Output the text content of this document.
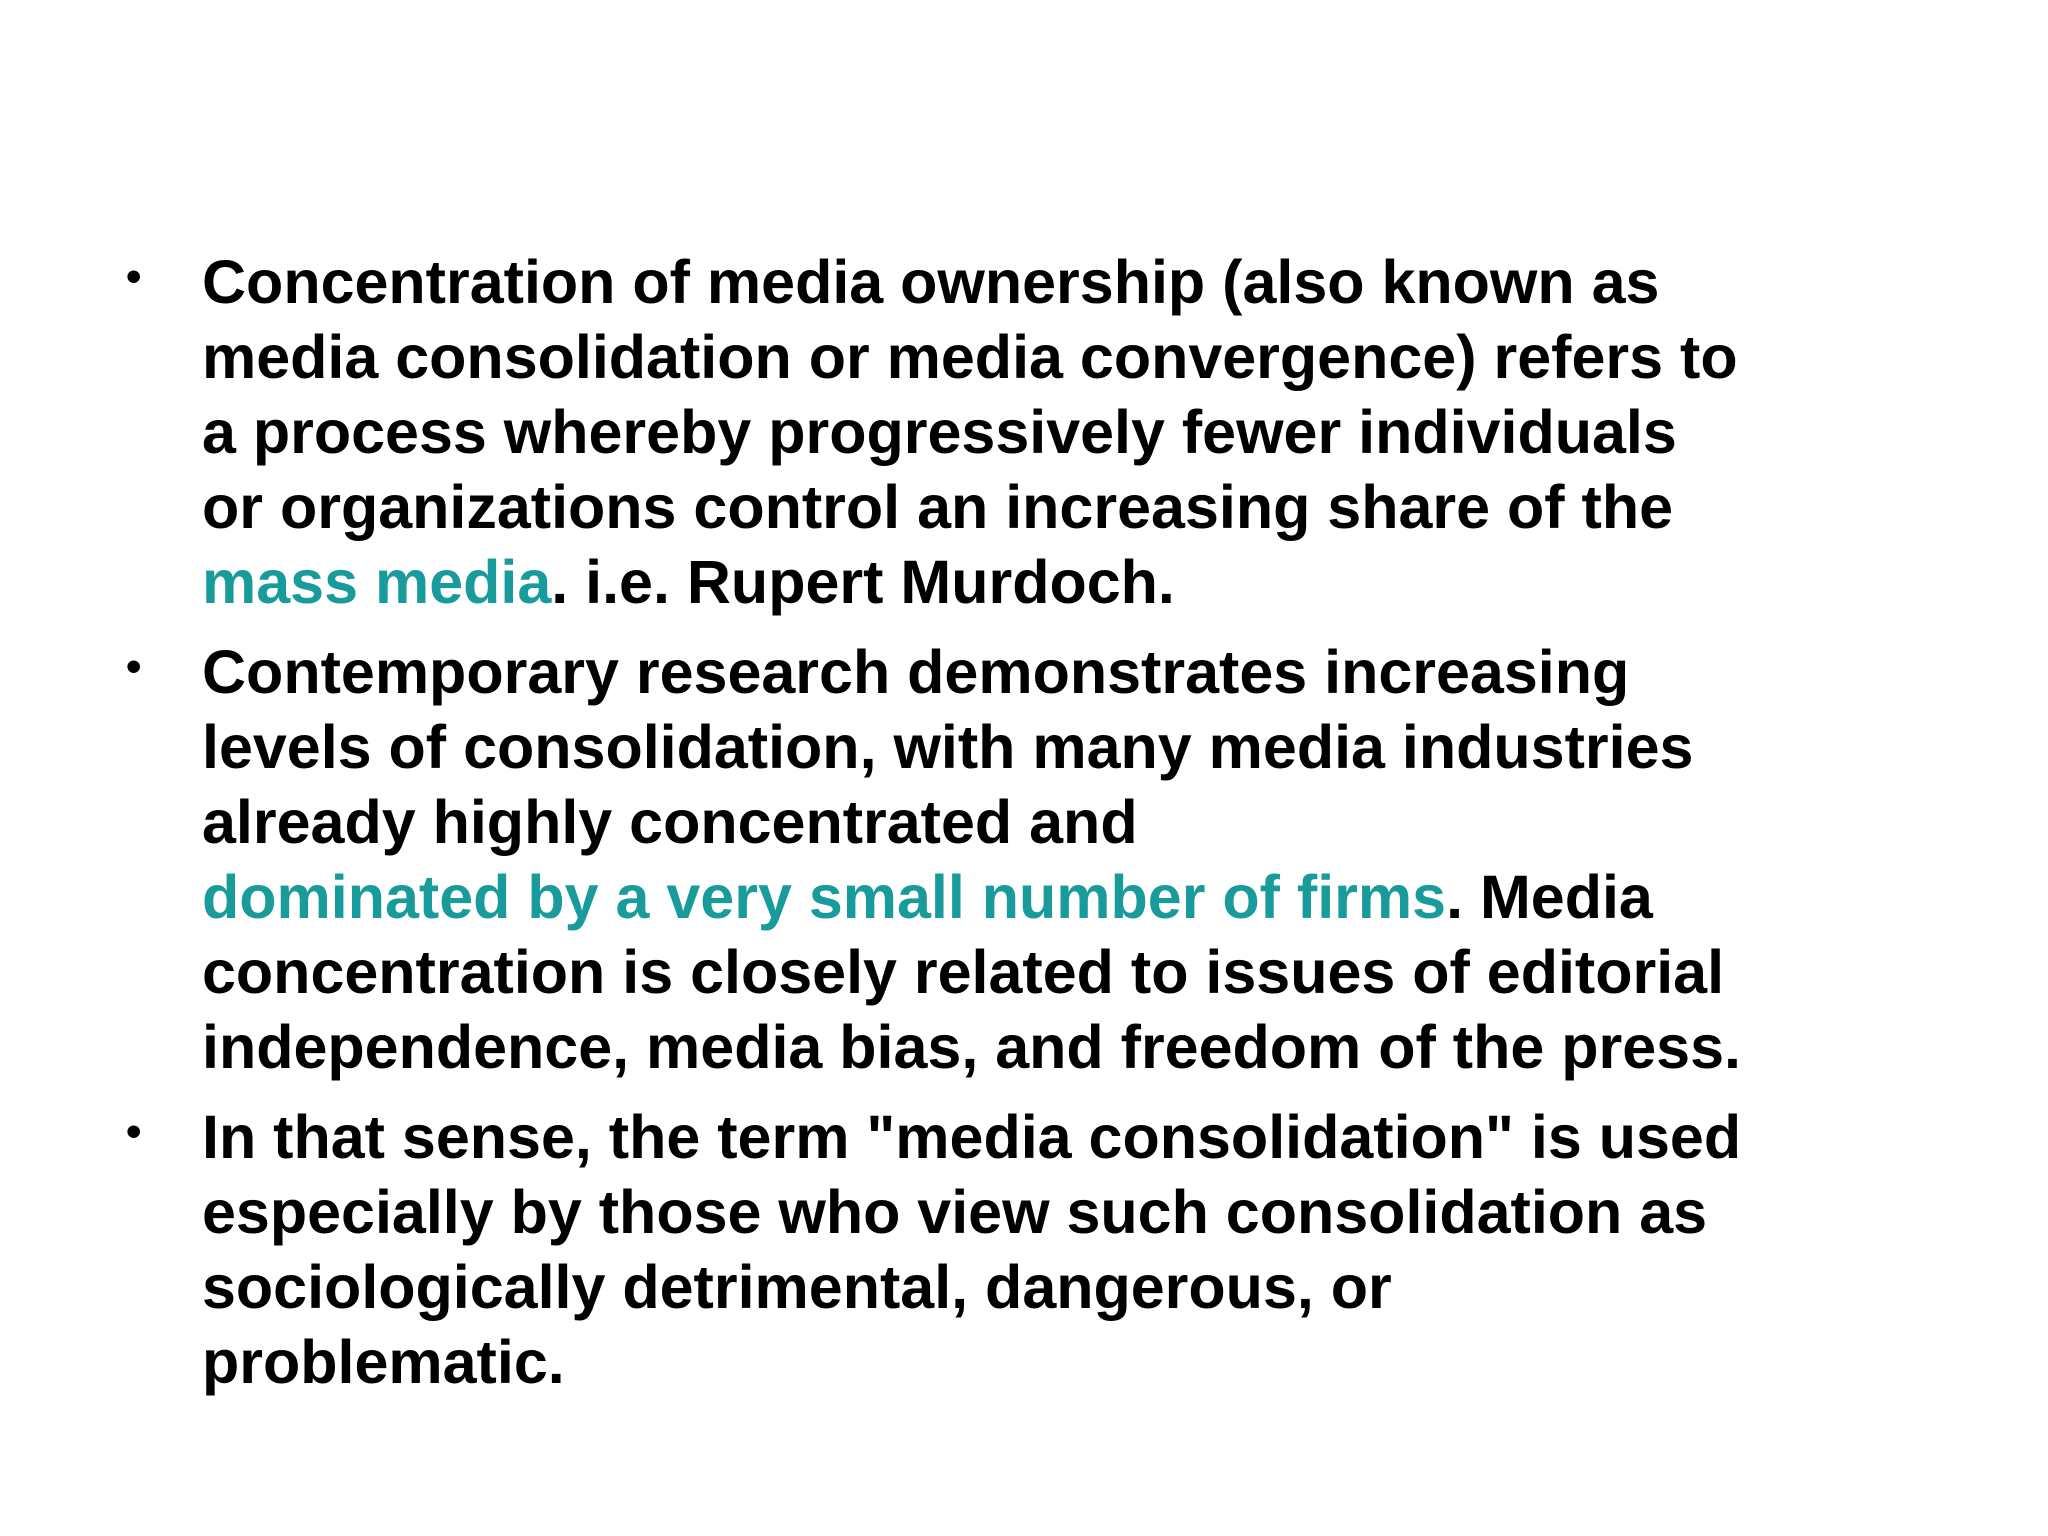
• Concentration of media ownership (also known as
media consolidation or media convergence) refers to
a process whereby progressively fewer individuals
or organizations control an increasing share of the
mass media. i.e. Rupert Murdoch.
• Contemporary research demonstrates increasing
levels of consolidation, with many media industries
already highly concentrated and
dominated by a very small number of firms. Media
concentration is closely related to issues of editorial
independence, media bias, and freedom of the press.
• In that sense, the term "media consolidation" is used
especially by those who view such consolidation as
sociologically detrimental, dangerous, or
problematic.
